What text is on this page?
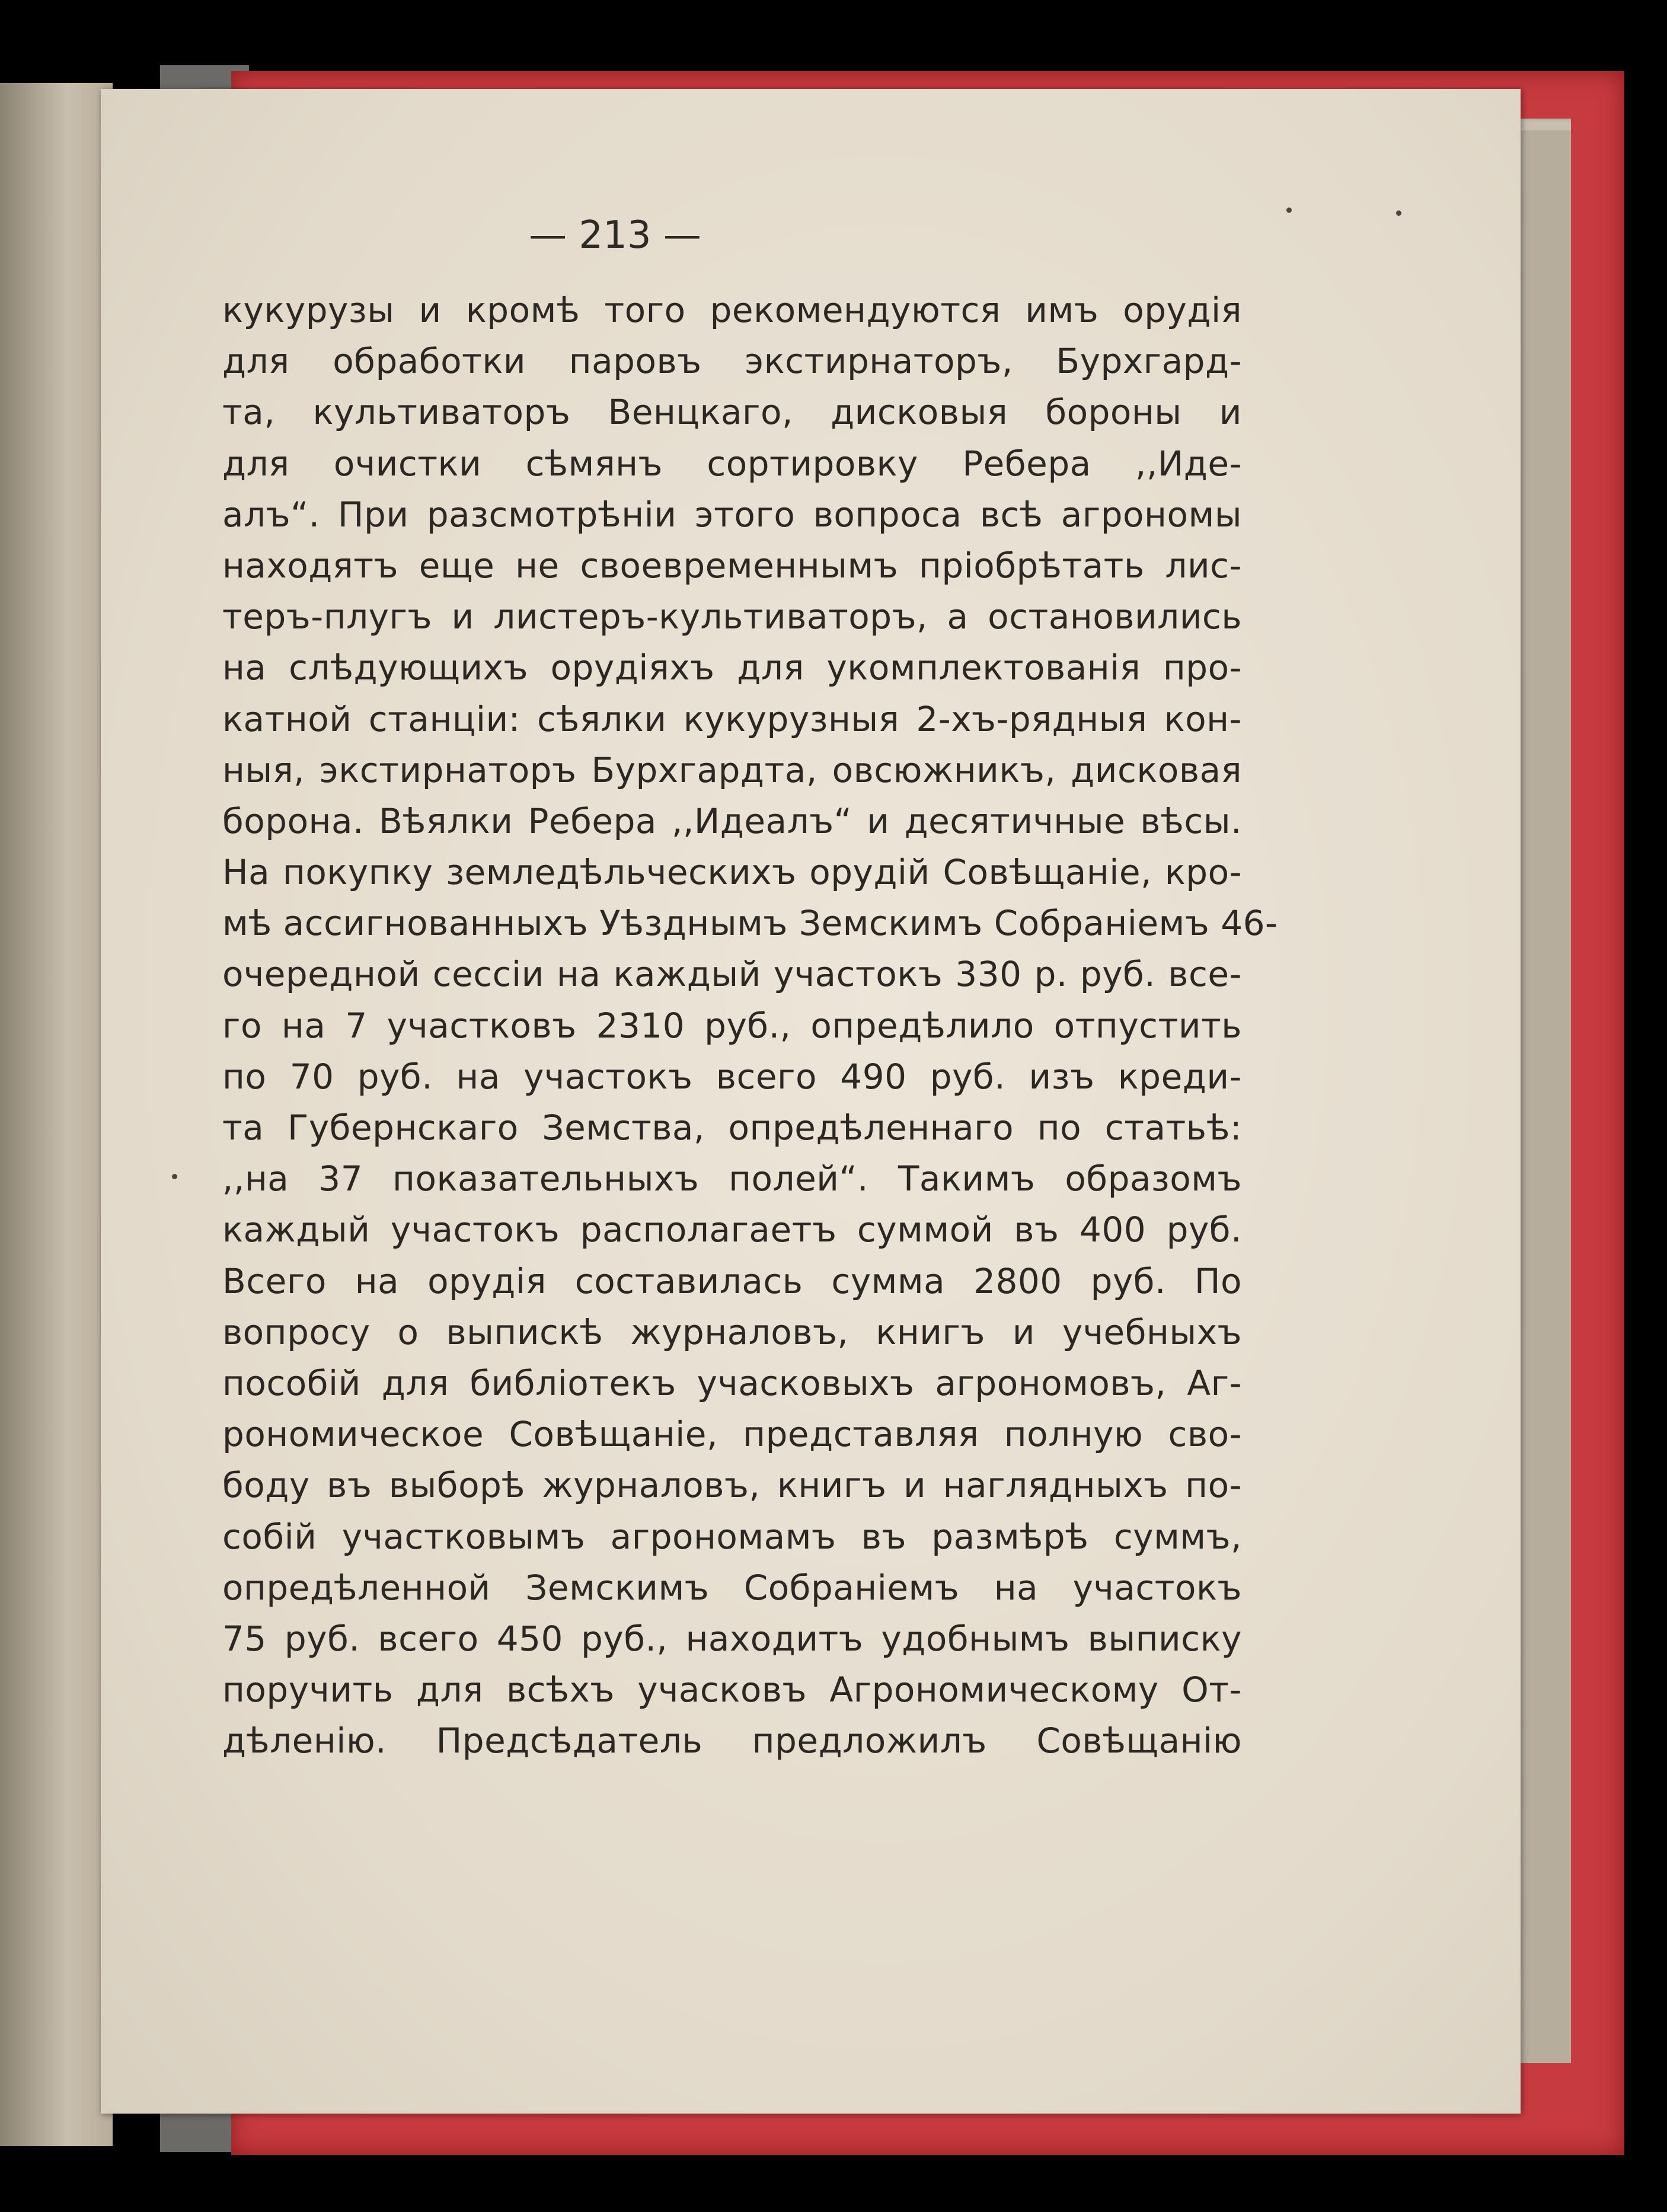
— 213 —
кукурузы и кромѣ того рекомендуются имъ орудія
для обработки паровъ экстирнаторъ, Бурхгард-
та, культиваторъ Венцкаго, дисковыя бороны и
для очистки сѣмянъ сортировку Ребера ,,Иде-
алъ“. При разсмотрѣніи этого вопроса всѣ агрономы
находятъ еще не своевременнымъ пріобрѣтать лис-
теръ-плугъ и листеръ-культиваторъ, а остановились
на слѣдующихъ орудіяхъ для укомплектованія про-
катной станціи: сѣялки кукурузныя 2-хъ-рядныя кон-
ныя, экстирнаторъ Бурхгардта, овсюжникъ, дисковая
борона. Вѣялки Ребера ,,Идеалъ“ и десятичные вѣсы.
На покупку земледѣльческихъ орудій Совѣщаніе, кро-
мѣ ассигнованныхъ Уѣзднымъ Земскимъ Собраніемъ 46-
очередной сессіи на каждый участокъ 330 р. руб. все-
го на 7 участковъ 2310 руб., опредѣлило отпустить
по 70 руб. на участокъ всего 490 руб. изъ креди-
та Губернскаго Земства, опредѣленнаго по статьѣ:
,,на 37 показательныхъ полей“. Такимъ образомъ
каждый участокъ располагаетъ суммой въ 400 руб.
Всего на орудія составилась сумма 2800 руб. По
вопросу о выпискѣ журналовъ, книгъ и учебныхъ
пособій для библіотекъ учасковыхъ агрономовъ, Аг-
рономическое Совѣщаніе, представляя полную сво-
боду въ выборѣ журналовъ, книгъ и наглядныхъ по-
собій участковымъ агрономамъ въ размѣрѣ суммъ,
опредѣленной Земскимъ Собраніемъ на участокъ
75 руб. всего 450 руб., находитъ удобнымъ выписку
поручить для всѣхъ учасковъ Агрономическому От-
дѣленію. Предсѣдатель предложилъ Совѣщанію
